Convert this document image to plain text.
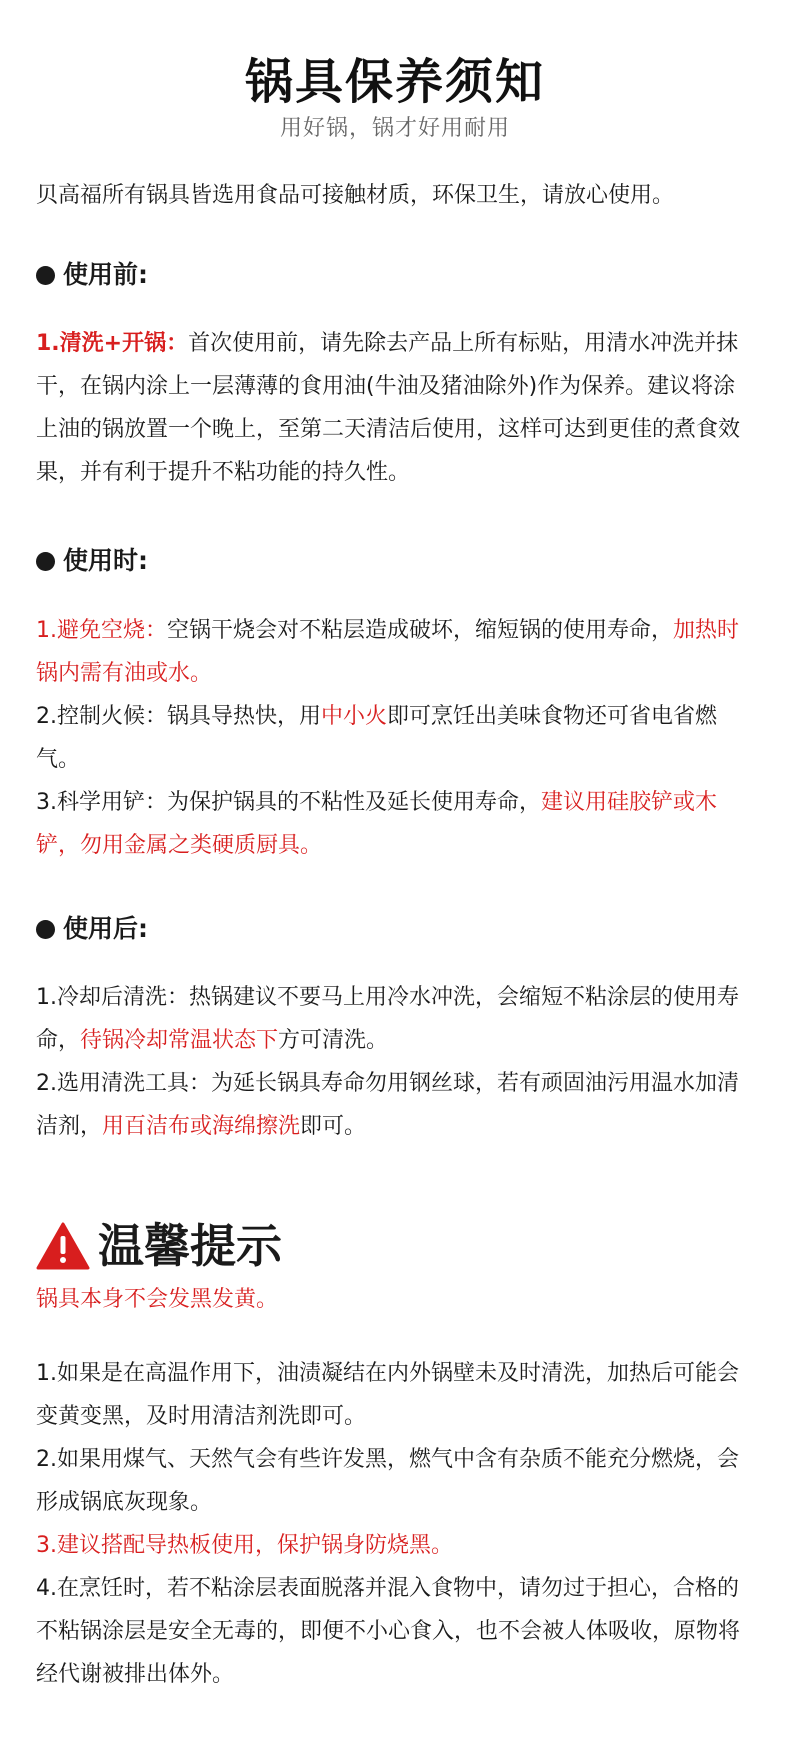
锅具保养须知
用好锅，锅才好用耐用
贝高福所有锅具皆选用食品可接触材质，环保卫生，请放心使用。
使用前:

1.清洗+开锅：首次使用前，请先除去产品上所有标贴，用清水冲洗并抹干，在锅内涂上一层薄薄的食用油(牛油及猪油除外)作为保养。建议将涂上油的锅放置一个晚上，至第二天清洁后使用，这样可达到更佳的煮食效果，并有利于提升不粘功能的持久性。

使用时:

1.避免空烧：空锅干烧会对不粘层造成破坏，缩短锅的使用寿命，加热时锅内需有油或水。

2.控制火候：锅具导热快，用中小火即可烹饪出美味食物还可省电省燃气。

3.科学用铲：为保护锅具的不粘性及延长使用寿命，建议用硅胶铲或木铲，勿用金属之类硬质厨具。

使用后:

1.冷却后清洗：热锅建议不要马上用冷水冲洗，会缩短不粘涂层的使用寿命，待锅冷却常温状态下方可清洗。

2.选用清洗工具：为延长锅具寿命勿用钢丝球，若有顽固油污用温水加清洁剂，用百洁布或海绵擦洗即可。

温馨提示
锅具本身不会发黑发黄。

1.如果是在高温作用下，油渍凝结在内外锅壁未及时清洗，加热后可能会变黄变黑，及时用清洁剂洗即可。

2.如果用煤气、天然气会有些许发黑，燃气中含有杂质不能充分燃烧，会形成锅底灰现象。

3.建议搭配导热板使用，保护锅身防烧黑。

4.在烹饪时，若不粘涂层表面脱落并混入食物中，请勿过于担心，合格的不粘锅涂层是安全无毒的，即便不小心食入，也不会被人体吸收，原物将经代谢被排出体外。
